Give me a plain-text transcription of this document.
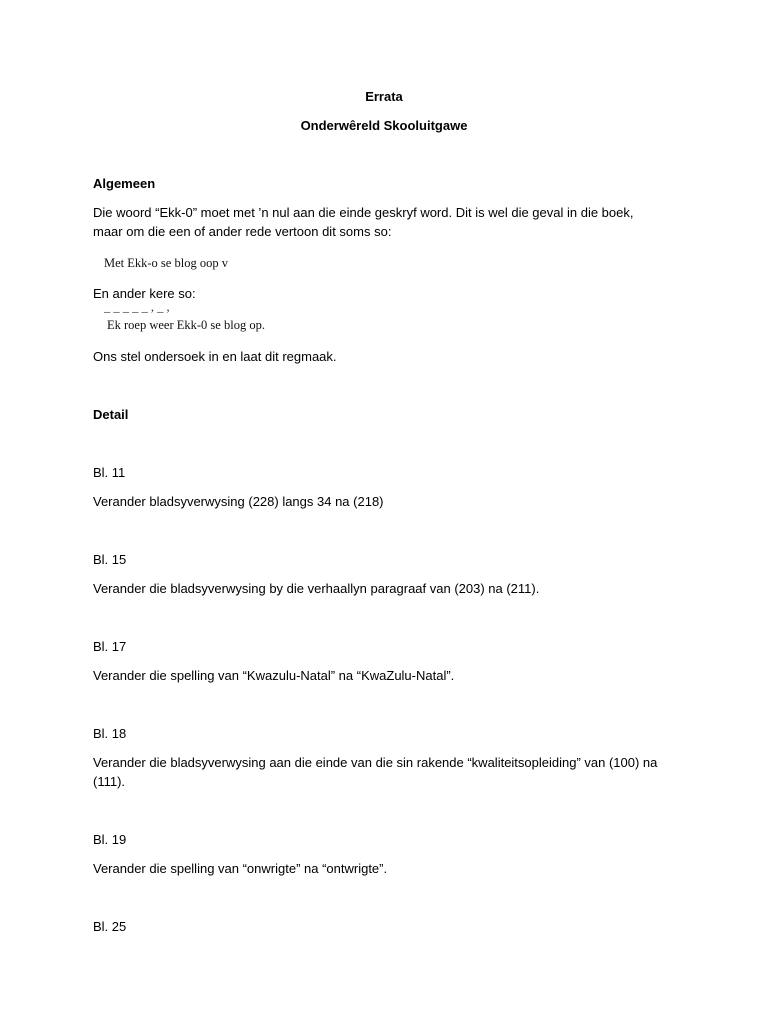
Errata
Onderwêreld Skooluitgawe
Algemeen
Die woord “Ekk-0” moet met ’n nul aan die einde geskryf word. Dit is wel die geval in die boek, maar om die een of ander rede vertoon dit soms so:
Met Ekk-o se blog oop v
En ander kere so:
_ _ _ _ _ , _ ,
Ek roep weer Ekk-0 se blog op.
Ons stel ondersoek in en laat dit regmaak.
Detail
Bl. 11
Verander bladsyverwysing (228) langs 34 na (218)
Bl. 15
Verander die bladsyverwysing by die verhaallyn paragraaf van (203) na (211).
Bl. 17
Verander die spelling van “Kwazulu-Natal” na “KwaZulu-Natal”.
Bl. 18
Verander die bladsyverwysing aan die einde van die sin rakende “kwaliteitsopleiding” van (100) na (111).
Bl. 19
Verander die spelling van “onwrigte” na “ontwrigte”.
Bl. 25
